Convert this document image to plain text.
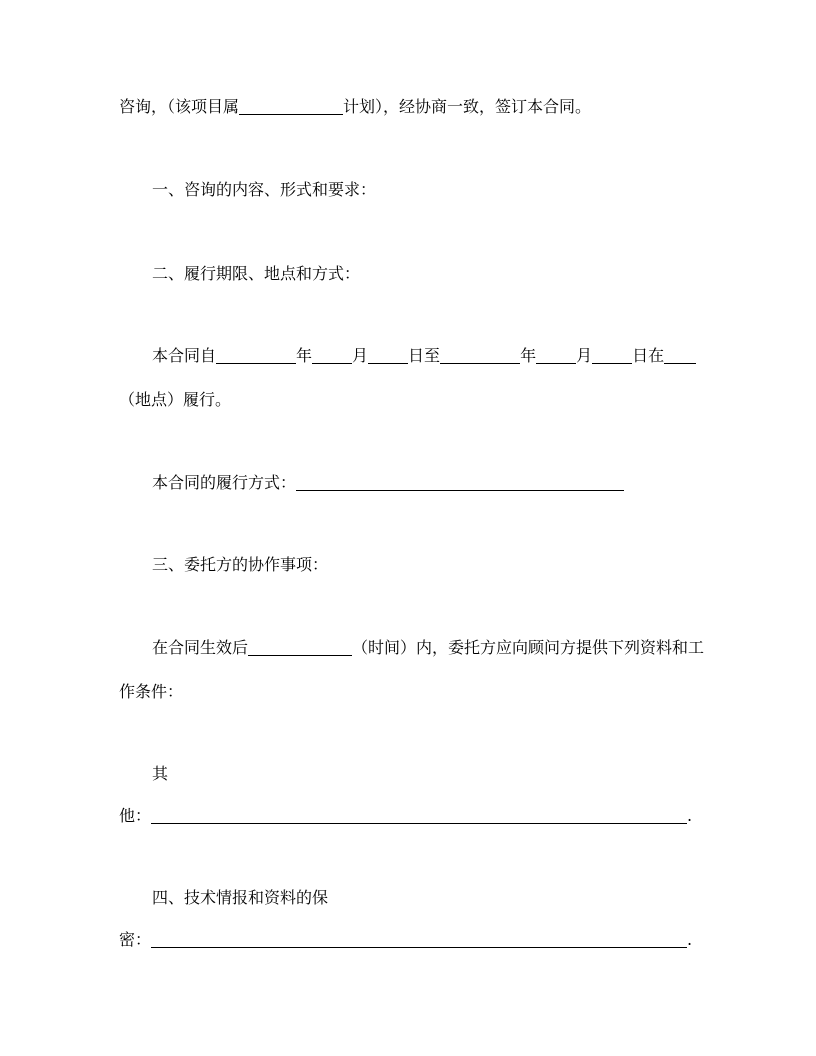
咨询，（该项目属	计划），经协商一致，签订本合同。
一、咨询的内容、形式和要求：
二、履行期限、地点和方式：
本合同自	年	月	日至	年	月	日在
（地点）履行。
本合同的履行方式：
三、委托方的协作事项：
在合同生效后	（时间）内，委托方应向顾问方提供下列资料和工
作条件：
其
他：	.
四、技术情报和资料的保
密：	.
